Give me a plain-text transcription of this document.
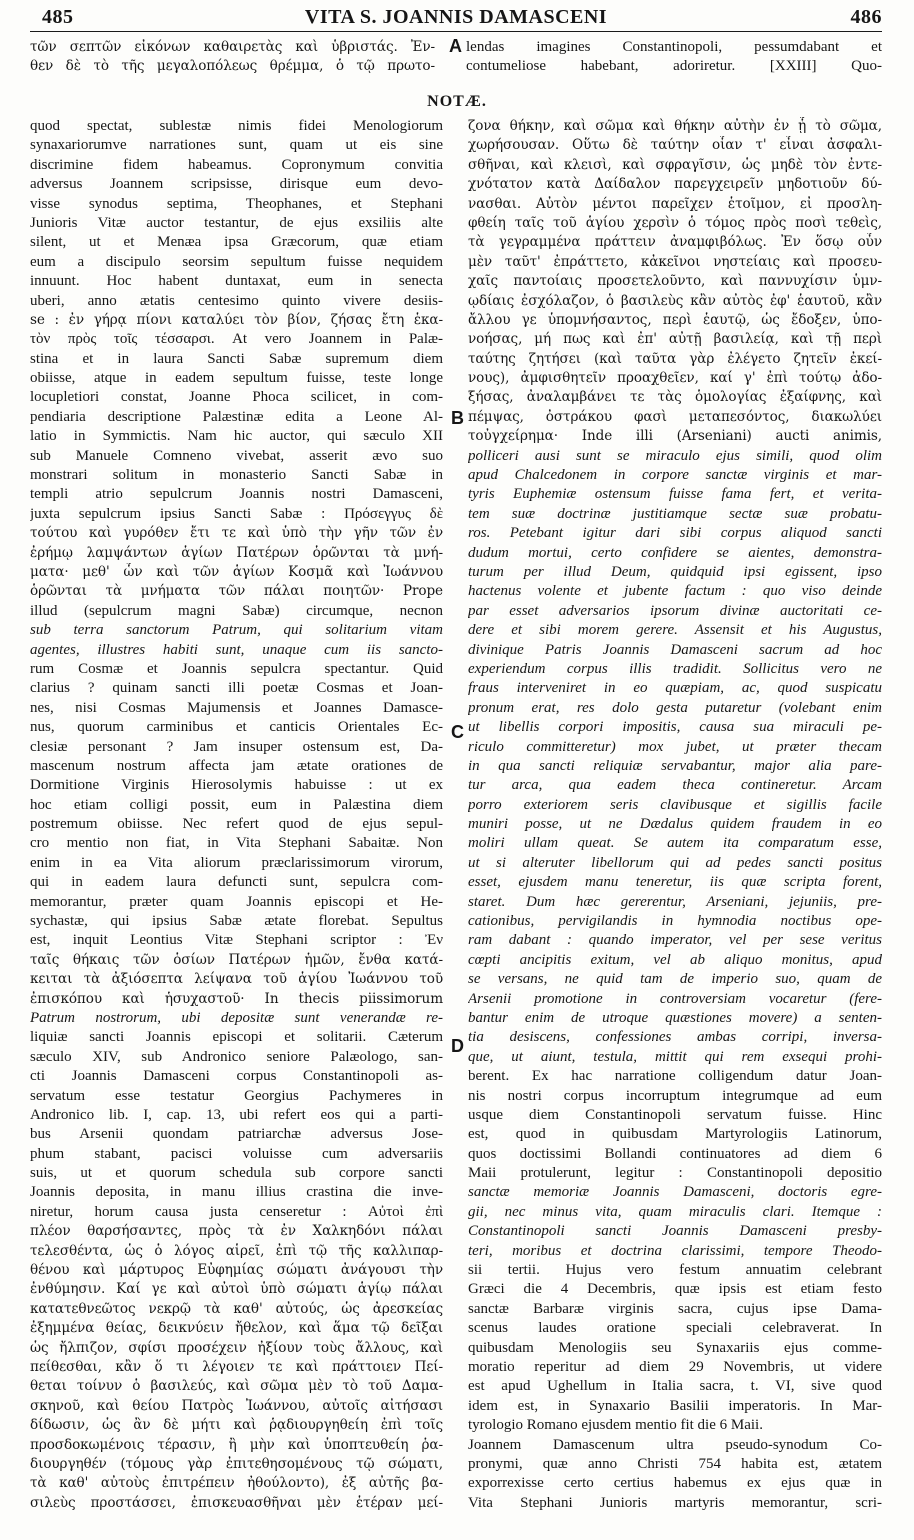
485	VITA S. JOANNIS DAMASCENI	486
τῶν σεπτῶν εἰκόνων καθαιρετὰς καὶ ὑβριστάς. Ἐν-
θεν δὲ τὸ τῆς μεγαλοπόλεως θρέμμα, ὁ τῷ πρωτο-
lendas imagines Constantinopoli, pessumdabant et
contumeliose habebant, adoriretur. [XXIII] Quo-
A
B
C
D
NOTÆ.
quod spectat, sublestæ nimis fidei Menologiorum
synaxariorumve narrationes sunt, quam ut eis sine
discrimine fidem habeamus. Copronymum convitia
adversus Joannem scripsisse, dirisque eum devo-
visse synodus septima, Theophanes, et Stephani
Junioris Vitæ auctor testantur, de ejus exsiliis alte
silent, ut et Menæa ipsa Græcorum, quæ etiam
eum a discipulo seorsim sepultum fuisse nequidem
innuunt. Hoc habent duntaxat, eum in senecta
uberi, anno ætatis centesimo quinto vivere desiis-
se : ἐν γήρᾳ πίονι καταλύει τὸν βίον, ζήσας ἔτη ἑκα-
τὸν πρὸς τοῖς τέσσαρσι. At vero Joannem in Palæ-
stina et in laura Sancti Sabæ supremum diem
obiisse, atque in eadem sepultum fuisse, teste longe
locupletiori constat, Joanne Phoca scilicet, in com-
pendiaria descriptione Palæstinæ edita a Leone Al-
latio in Symmictis. Nam hic auctor, qui sæculo XII
sub Manuele Comneno vivebat, asserit ævo suo
monstrari solitum in monasterio Sancti Sabæ in
templi atrio sepulcrum Joannis nostri Damasceni,
juxta sepulcrum ipsius Sancti Sabæ : Πρόσεγγυς δὲ
τούτου καὶ γυρόθεν ἔτι τε καὶ ὑπὸ τὴν γῆν τῶν ἐν
ἐρήμῳ λαμψάντων ἁγίων Πατέρων ὁρῶνται τὰ μνή-
ματα· μεθ' ὧν καὶ τῶν ἁγίων Κοσμᾶ καὶ Ἰωάννου
ὁρῶνται τὰ μνήματα τῶν πάλαι ποιητῶν· Prope
illud (sepulcrum magni Sabæ) circumque, necnon
sub terra sanctorum Patrum, qui solitarium vitam
agentes, illustres habiti sunt, unaque cum iis sancto-
rum Cosmæ et Joannis sepulcra spectantur. Quid
clarius ? quinam sancti illi poetæ Cosmas et Joan-
nes, nisi Cosmas Majumensis et Joannes Damasce-
nus, quorum carminibus et canticis Orientales Ec-
clesiæ personant ? Jam insuper ostensum est, Da-
mascenum nostrum affecta jam ætate orationes de
Dormitione Virginis Hierosolymis habuisse : ut ex
hoc etiam colligi possit, eum in Palæstina diem
postremum obiisse. Nec refert quod de ejus sepul-
cro mentio non fiat, in Vita Stephani Sabaitæ. Non
enim in ea Vita aliorum præclarissimorum virorum,
qui in eadem laura defuncti sunt, sepulcra com-
memorantur, præter quam Joannis episcopi et He-
sychastæ, qui ipsius Sabæ ætate florebat. Sepultus
est, inquit Leontius Vitæ Stephani scriptor : Ἐν
ταῖς θήκαις τῶν ὁσίων Πατέρων ἡμῶν, ἔνθα κατά-
κειται τὰ ἀξιόσεπτα λείψανα τοῦ ἁγίου Ἰωάννου τοῦ
ἐπισκόπου καὶ ἡσυχαστοῦ· In thecis piissimorum
Patrum nostrorum, ubi depositæ sunt venerandæ re-
liquiæ sancti Joannis episcopi et solitarii. Cæterum
sæculo XIV, sub Andronico seniore Palæologo, san-
cti Joannis Damasceni corpus Constantinopoli as-
servatum esse testatur Georgius Pachymeres in
Andronico lib. I, cap. 13, ubi refert eos qui a parti-
bus Arsenii quondam patriarchæ adversus Jose-
phum stabant, pacisci voluisse cum adversariis
suis, ut et quorum schedula sub corpore sancti
Joannis deposita, in manu illius crastina die inve-
niretur, horum causa justa censeretur : Αὐτοὶ ἐπὶ
πλέον θαρσήσαντες, πρὸς τὰ ἐν Χαλκηδόνι πάλαι
τελεσθέντα, ὡς ὁ λόγος αἱρεῖ, ἐπὶ τῷ τῆς καλλιπαρ-
θένου καὶ μάρτυρος Εὐφημίας σώματι ἀνάγουσι τὴν
ἐνθύμησιν. Καί γε καὶ αὐτοὶ ὑπὸ σώματι ἁγίῳ πάλαι
κατατεθνεῶτος νεκρῷ τὰ καθ' αὐτούς, ὡς ἀρεσκείας
ἐξημμένα θείας, δεικνύειν ἤθελον, καὶ ἅμα τῷ δεῖξαι
ὡς ἤλπιζον, σφίσι προσέχειν ἠξίουν τοὺς ἄλλους, καὶ
πείθεσθαι, κἂν ὅ τι λέγοιεν τε καὶ πράττοιεν Πεί-
θεται τοίνυν ὁ βασιλεύς, καὶ σῶμα μὲν τὸ τοῦ Δαμα-
σκηνοῦ, καὶ θείου Πατρὸς Ἰωάννου, αὐτοῖς αἰτήσασι
δίδωσιν, ὡς ἂν δὲ μήτι καὶ ῥᾳδιουργηθείη ἐπὶ τοῖς
προσδοκωμένοις τέρασιν, ἢ μὴν καὶ ὑποπτευθείη ῥα-
διουργηθέν (τόμους γὰρ ἐπιτεθησομένους τῷ σώματι,
τὰ καθ' αὐτοὺς ἐπιτρέπειν ἠθούλοντο), ἐξ αὐτῆς βα-
σιλεὺς προστάσσει, ἐπισκευασθῆναι μὲν ἑτέραν μεί-
ζονα θήκην, καὶ σῶμα καὶ θήκην αὐτὴν ἐν ᾗ τὸ σῶμα,
χωρήσουσαν. Οὕτω δὲ ταύτην οἷαν τ' εἶναι ἀσφαλι-
σθῆναι, καὶ κλεισὶ, καὶ σφραγῖσιν, ὡς μηδὲ τὸν ἐντε-
χνότατον κατὰ Δαίδαλον παρεγχειρεῖν μηδοτιοῦν δύ-
νασθαι. Αὐτὸν μέντοι παρεῖχεν ἑτοῖμον, εἰ προσλη-
φθείη ταῖς τοῦ ἁγίου χερσὶν ὁ τόμος πρὸς ποσὶ τεθεὶς,
τὰ γεγραμμένα πράττειν ἀναμφιβόλως. Ἐν ὅσῳ οὖν
μὲν ταῦτ' ἐπράττετο, κἀκεῖνοι νηστείαις καὶ προσευ-
χαῖς παντοίαις προσετελοῦντο, καὶ παννυχίσιν ὑμν-
ῳδίαις ἐσχόλαζον, ὁ βασιλεὺς κἂν αὐτὸς ἐφ' ἑαυτοῦ, κἂν
ἄλλου γε ὑπομνήσαντος, περὶ ἑαυτῷ, ὡς ἔδοξεν, ὑπο-
νοήσας, μή πως καὶ ἐπ' αὐτῇ βασιλείᾳ, καὶ τῇ περὶ
ταύτης ζητήσει (καὶ ταῦτα γὰρ ἐλέγετο ζητεῖν ἐκεί-
νους), ἀμφισθητεῖν προαχθεῖεν, καί γ' ἐπὶ τούτῳ ἀδο-
ξήσας, ἀναλαμβάνει τε τὰς ὁμολογίας ἐξαίφνης, καὶ
πέμψας, ὀστράκου φασὶ μεταπεσόντος, διακωλύει
τοὐγχείρημα· Inde illi (Arseniani) aucti animis,
polliceri ausi sunt se miraculo ejus simili, quod olim
apud Chalcedonem in corpore sanctæ virginis et mar-
tyris Euphemiæ ostensum fuisse fama fert, et verita-
tem suæ doctrinæ justitiamque sectæ suæ probatu-
ros. Petebant igitur dari sibi corpus aliquod sancti
dudum mortui, certo confidere se aientes, demonstra-
turum per illud Deum, quidquid ipsi egissent, ipso
hactenus volente et jubente factum : quo viso deinde
par esset adversarios ipsorum divinæ auctoritati ce-
dere et sibi morem gerere. Assensit et his Augustus,
divinique Patris Joannis Damasceni sacrum ad hoc
experiendum corpus illis tradidit. Sollicitus vero ne
fraus interveniret in eo quæpiam, ac, quod suspicatu
pronum erat, res dolo gesta putaretur (volebant enim
ut libellis corpori impositis, causa sua miraculi pe-
riculo committeretur) mox jubet, ut præter thecam
in qua sancti reliquiæ servabantur, major alia pare-
tur arca, qua eadem theca contineretur. Arcam
porro exteriorem seris clavibusque et sigillis facile
muniri posse, ut ne Dædalus quidem fraudem in eo
moliri ullam queat. Se autem ita comparatum esse,
ut si alteruter libellorum qui ad pedes sancti positus
esset, ejusdem manu teneretur, iis quæ scripta forent,
staret. Dum hæc gererentur, Arseniani, jejuniis, pre-
cationibus, pervigilandis in hymnodia noctibus ope-
ram dabant : quando imperator, vel per sese veritus
cœpti ancipitis exitum, vel ab aliquo monitus, apud
se versans, ne quid tam de imperio suo, quam de
Arsenii promotione in controversiam vocaretur (fere-
bantur enim de utroque quæstiones movere) a senten-
tia desiscens, confessiones ambas corripi, inversa-
que, ut aiunt, testula, mittit qui rem exsequi prohi-
berent. Ex hac narratione colligendum datur Joan-
nis nostri corpus incorruptum integrumque ad eum
usque diem Constantinopoli servatum fuisse. Hinc
est, quod in quibusdam Martyrologiis Latinorum,
quos doctissimi Bollandi continuatores ad diem 6
Maii protulerunt, legitur : Constantinopoli depositio
sanctæ memoriæ Joannis Damasceni, doctoris egre-
gii, nec minus vita, quam miraculis clari. Itemque :
Constantinopoli sancti Joannis Damasceni presby-
teri, moribus et doctrina clarissimi, tempore Theodo-
sii tertii. Hujus vero festum annuatim celebrant
Græci die 4 Decembris, quæ ipsis est etiam festo
sanctæ Barbaræ virginis sacra, cujus ipse Dama-
scenus laudes oratione speciali celebraverat. In
quibusdam Menologiis seu Synaxariis ejus comme-
moratio reperitur ad diem 29 Novembris, ut videre
est apud Ughellum in Italia sacra, t. VI, sive quod
idem est, in Synaxario Basilii imperatoris. In Mar-
tyrologio Romano ejusdem mentio fit die 6 Maii.
Joannem Damascenum ultra pseudo-synodum Co-
pronymi, quæ anno Christi 754 habita est, ætatem
exporrexisse certo certius habemus ex ejus quæ in
Vita Stephani Junioris martyris memorantur, scri-
